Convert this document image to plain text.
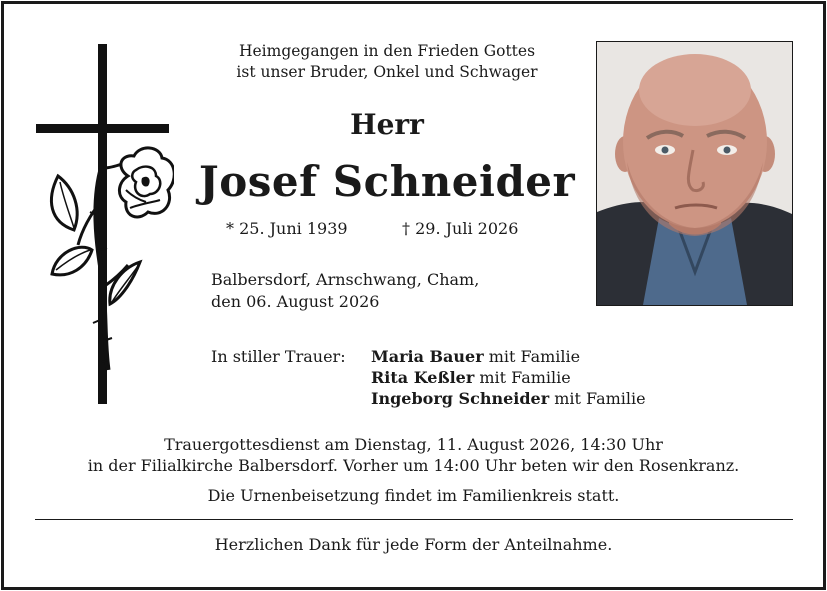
Heimgegangen in den Frieden Gottes
ist unser Bruder, Onkel und Schwager
Herr
Josef Schneider
* 25. Juni 1939	† 29. Juli 2026
Balbersdorf, Arnschwang, Cham,
den 06. August 2026
In stiller Trauer: Maria Bauer mit Familie
Rita Keßler mit Familie
Ingeborg Schneider mit Familie
Trauergottesdienst am Dienstag, 11. August 2026, 14:30 Uhr
in der Filialkirche Balbersdorf. Vorher um 14:00 Uhr beten wir den Rosenkranz.
Die Urnenbeisetzung findet im Familienkreis statt.
Herzlichen Dank für jede Form der Anteilnahme.
